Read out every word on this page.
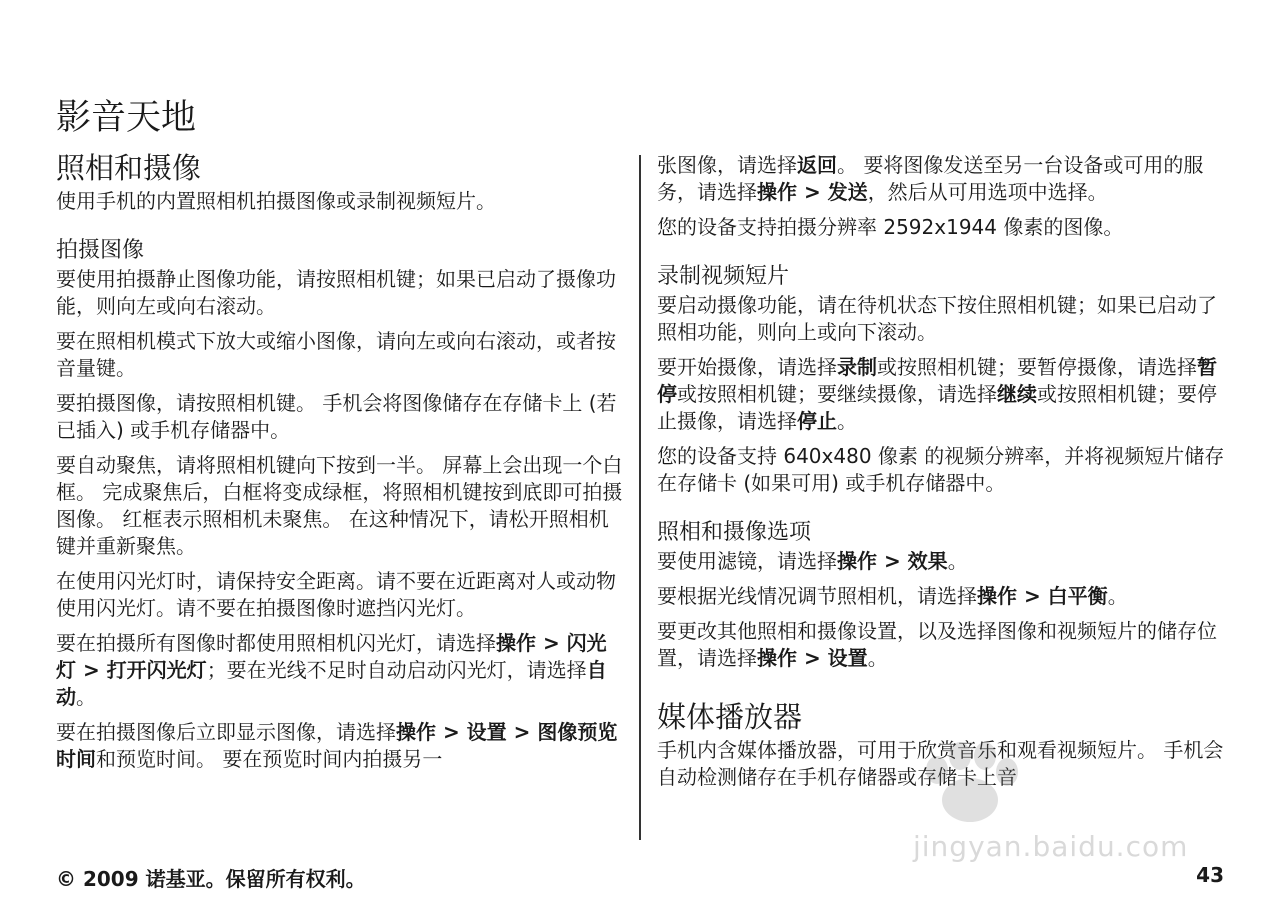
影音天地
照相和摄像

使用手机的内置照相机拍摄图像或录制视频短片。

拍摄图像

要使用拍摄静止图像功能，请按照相机键；如果已启动了摄像功能，则向左或向右滚动。

要在照相机模式下放大或缩小图像，请向左或向右滚动，或者按音量键。

要拍摄图像，请按照相机键。 手机会将图像储存在存储卡上 (若已插入) 或手机存储器中。

要自动聚焦，请将照相机键向下按到一半。 屏幕上会出现一个白框。 完成聚焦后，白框将变成绿框，将照相机键按到底即可拍摄图像。 红框表示照相机未聚焦。 在这种情况下，请松开照相机键并重新聚焦。

在使用闪光灯时，请保持安全距离。请不要在近距离对人或动物使用闪光灯。请不要在拍摄图像时遮挡闪光灯。

要在拍摄所有图像时都使用照相机闪光灯，请选择操作 > 闪光灯 > 打开闪光灯；要在光线不足时自动启动闪光灯，请选择自动。

要在拍摄图像后立即显示图像，请选择操作 > 设置 > 图像预览时间和预览时间。 要在预览时间内拍摄另一

张图像，请选择返回。 要将图像发送至另一台设备或可用的服务，请选择操作 > 发送，然后从可用选项中选择。

您的设备支持拍摄分辨率 2592x1944 像素的图像。

录制视频短片

要启动摄像功能，请在待机状态下按住照相机键；如果已启动了照相功能，则向上或向下滚动。

要开始摄像，请选择录制或按照相机键；要暂停摄像，请选择暂停或按照相机键；要继续摄像，请选择继续或按照相机键；要停止摄像，请选择停止。

您的设备支持 640x480 像素 的视频分辨率，并将视频短片储存在存储卡 (如果可用) 或手机存储器中。

照相和摄像选项

要使用滤镜，请选择操作 > 效果。

要根据光线情况调节照相机，请选择操作 > 白平衡。

要更改其他照相和摄像设置，以及选择图像和视频短片的储存位置，请选择操作 > 设置。

媒体播放器

手机内含媒体播放器，可用于欣赏音乐和观看视频短片。 手机会自动检测储存在手机存储器或存储卡上音

jingyan.baidu.com
© 2009 诺基亚。保留所有权利。	43
